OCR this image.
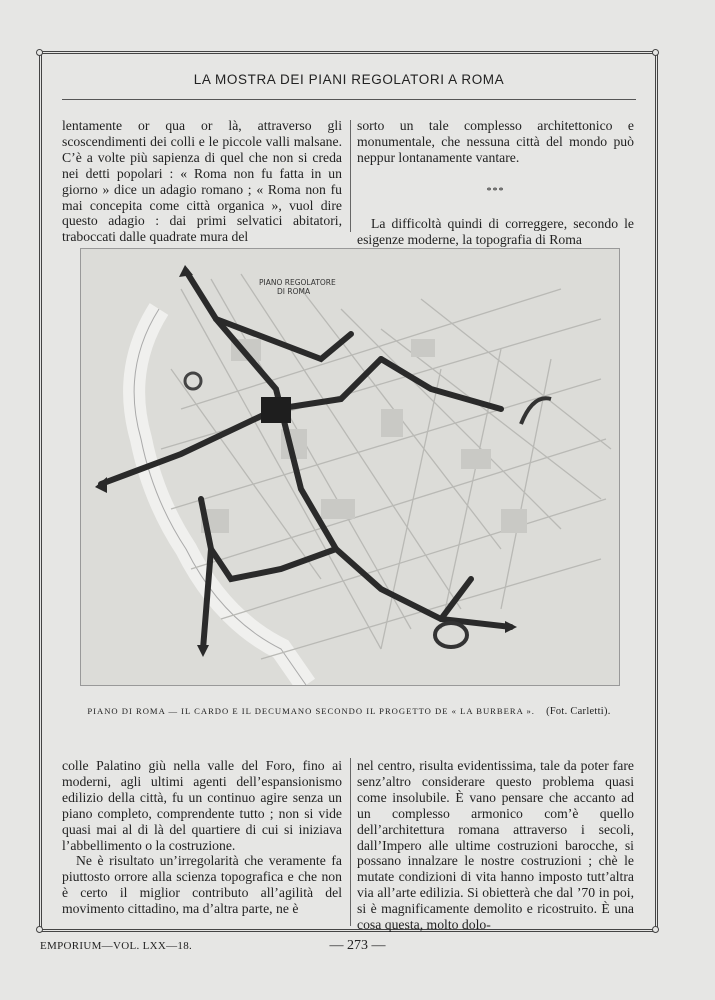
LA MOSTRA DEI PIANI REGOLATORI A ROMA

lentamente or qua or là, attraverso gli scoscendimenti dei colli e le piccole valli malsane. C’è a volte più sapienza di quel che non si creda nei detti popolari : « Roma non fu fatta in un giorno » dice un adagio romano ; « Roma non fu mai concepita come città organica », vuol dire questo adagio : dai primi selvatici abitatori, traboccati dalle quadrate mura del

sorto un tale complesso architettonico e monumentale, che nessuna città del mondo può neppur lontanamente vantare.

***

La difficoltà quindi di correggere, secondo le esigenze moderne, la topografia di Roma

PIANO REGOLATORE
DI ROMA
PIANO DI ROMA — IL CARDO E IL DECUMANO SECONDO IL PROGETTO DE « LA BURBERA ». (Fot. Carletti).

colle Palatino giù nella valle del Foro, fino ai moderni, agli ultimi agenti dell’espansionismo edilizio della città, fu un continuo agire senza un piano completo, comprendente tutto ; non si vide quasi mai al di là del quartiere di cui si iniziava l’abbellimento o la costruzione.

Ne è risultato un’irregolarità che veramente fa piuttosto orrore alla scienza topografica e che non è certo il miglior contributo all’agilità del movimento cittadino, ma d’altra parte, ne è

nel centro, risulta evidentissima, tale da poter fare senz’altro considerare questo problema quasi come insolubile. È vano pensare che accanto ad un complesso armonico com’è quello dell’architettura romana attraverso i secoli, dall’Impero alle ultime costruzioni barocche, si possano innalzare le nostre costruzioni ; chè le mutate condizioni di vita hanno imposto tutt’altra via all’arte edilizia. Si obietterà che dal ’70 in poi, si è magnificamente demolito e ricostruito. È una cosa questa, molto dolo-

EMPORIUM—VOL. LXX—18.	— 273 —
